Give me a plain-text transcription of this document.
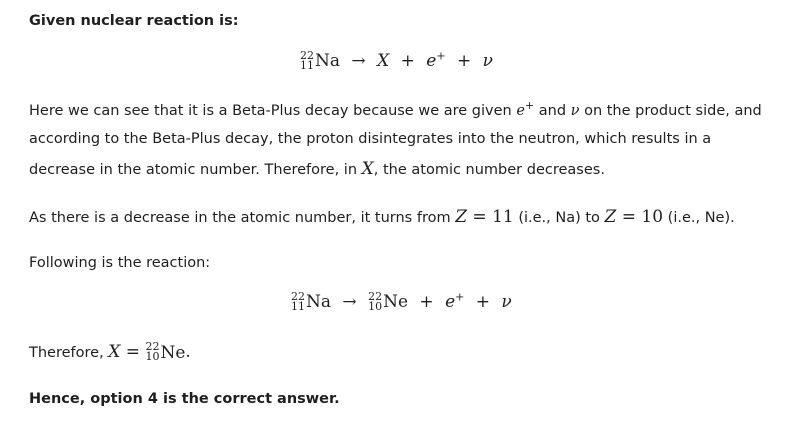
Given nuclear reaction is:
22
11 Na → X + e+ + ν
Here we can see that it is a Beta-Plus decay because we are given e+ and ν on the product side, and
according to the Beta-Plus decay, the proton disintegrates into the neutron, which results in a
decrease in the atomic number. Therefore, in X, the atomic number decreases.
As there is a decrease in the atomic number, it turns from Z = 11 (i.e., Na) to Z = 10 (i.e., Ne).
Following is the reaction:
22
11 Na → 22
10 Ne + e+ + ν
Therefore, X = 22
10 Ne.
Hence, option 4 is the correct answer.
